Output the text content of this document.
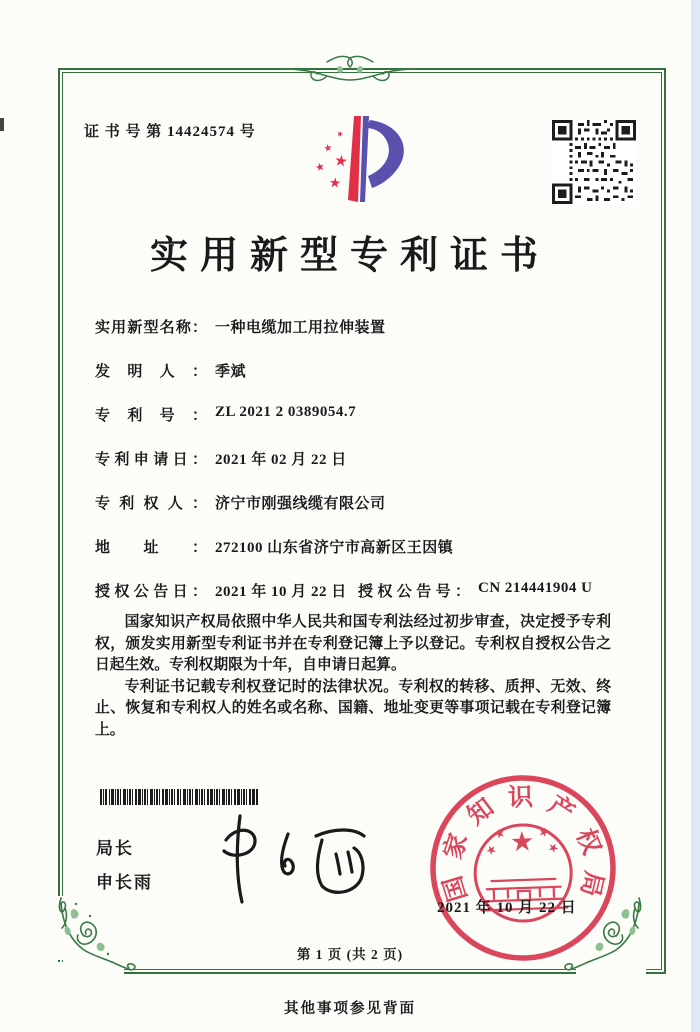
证 书 号 第 14424574 号
实用新型专利证书
实用新型名称： 一种电缆加工用拉伸装置
发明人： 季斌
专利号： ZL 2021 2 0389054.7
专利申请日： 2021 年 02 月 22 日
专利权人： 济宁市刚强线缆有限公司
地址： 272100 山东省济宁市高新区王因镇
授权公告日： 2021 年 10 月 22 日 授权公告号： CN 214441904 U

国家知识产权局依照中华人民共和国专利法经过初步审查，决定授予专利权，颁发实用新型专利证书并在专利登记簿上予以登记。专利权自授权公告之日起生效。专利权期限为十年，自申请日起算。

专利证书记载专利权登记时的法律状况。专利权的转移、质押、无效、终止、恢复和专利权人的姓名或名称、国籍、地址变更等事项记载在专利登记簿上。

局长
申长雨	国
家
知 识 产
权
局
2021 年 10 月 22 日
第 1 页 (共 2 页)
其他事项参见背面
